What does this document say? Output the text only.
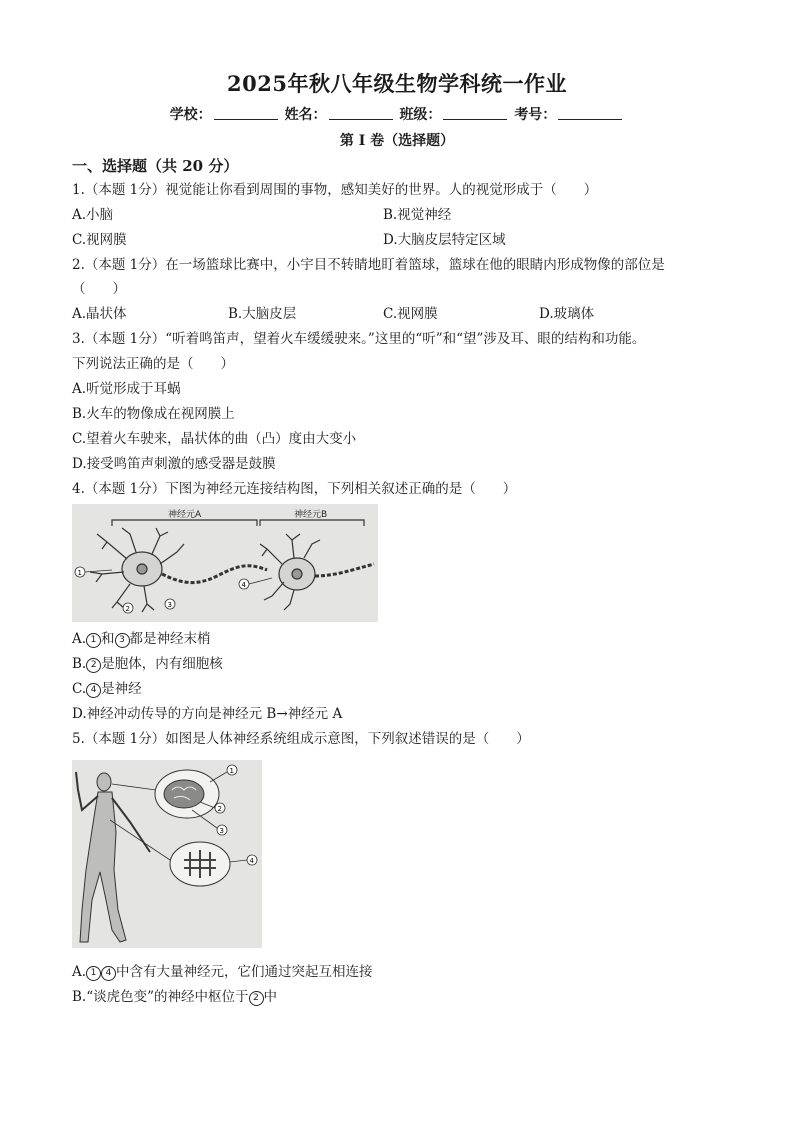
2025年秋八年级生物学科统一作业
学校：	姓名：	班级：	考号：
第 I 卷（选择题）
一、选择题（共 20 分）
1.（本题 1分）视觉能让你看到周围的事物，感知美好的世界。人的视觉形成于（　　）
A.小脑	B.视觉神经
C.视网膜	D.大脑皮层特定区域
2.（本题 1分）在一场篮球比赛中，小宇目不转睛地盯着篮球，篮球在他的眼睛内形成物像的部位是
（　　）
A.晶状体	B.大脑皮层	C.视网膜	D.玻璃体
3.（本题 1分）“听着鸣笛声，望着火车缓缓驶来。”这里的“听”和“望”涉及耳、眼的结构和功能。
下列说法正确的是（　　）
A.听觉形成于耳蜗
B.火车的物像成在视网膜上
C.望着火车驶来，晶状体的曲（凸）度由大变小
D.接受鸣笛声刺激的感受器是鼓膜
4.（本题 1分）下图为神经元连接结构图，下列相关叙述正确的是（　　）
神经元A	神经元B
1
2	3
4
A. 1 和 3 都是神经末梢
B. 2 是胞体，内有细胞核
C. 4 是神经
D.神经冲动传导的方向是神经元 B→神经元 A
5.（本题 1分）如图是人体神经系统组成示意图，下列叙述错误的是（　　）
1
2
3
4
A. 1 4 中含有大量神经元，它们通过突起互相连接
B.“谈虎色变”的神经中枢位于 2 中
